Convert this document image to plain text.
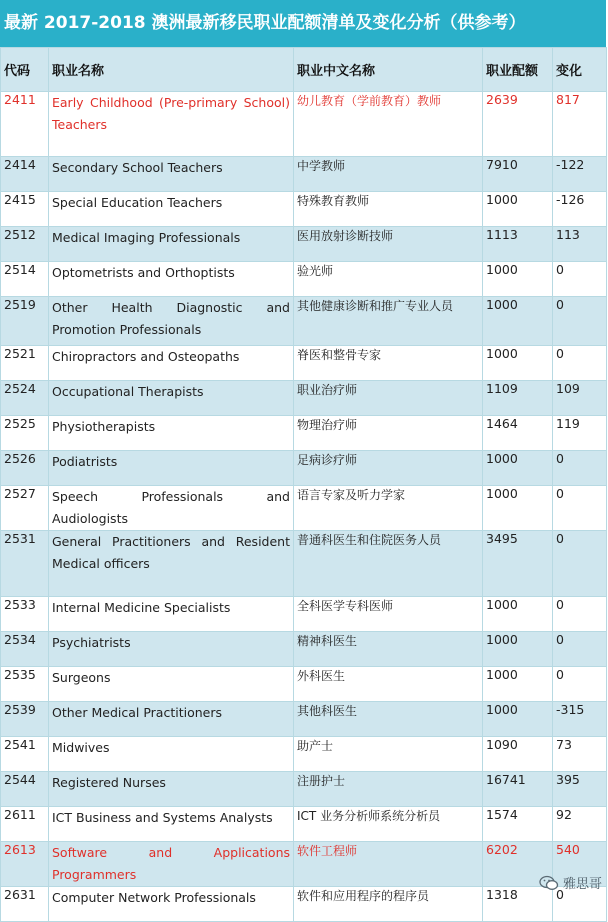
最新 2017-2018 澳洲最新移民职业配额清单及变化分析（供参考）
代码	职业名称	职业中文名称	职业配额	变化
2411	Early Childhood (Pre-primary School) Teachers	幼儿教育（学前教育）教师	2639	817
2414	Secondary School Teachers	中学教师	7910	-122
2415	Special Education Teachers	特殊教育教师	1000	-126
2512	Medical Imaging Professionals	医用放射诊断技师	1113	113
2514	Optometrists and Orthoptists	验光师	1000	0
2519	Other Health Diagnostic and Promotion Professionals	其他健康诊断和推广专业人员	1000	0
2521	Chiropractors and Osteopaths	脊医和整骨专家	1000	0
2524	Occupational Therapists	职业治疗师	1109	109
2525	Physiotherapists	物理治疗师	1464	119
2526	Podiatrists	足病诊疗师	1000	0
2527	Speech Professionals and Audiologists	语言专家及听力学家	1000	0
2531	General Practitioners and Resident Medical officers	普通科医生和住院医务人员	3495	0
2533	Internal Medicine Specialists	全科医学专科医师	1000	0
2534	Psychiatrists	精神科医生	1000	0
2535	Surgeons	外科医生	1000	0
2539	Other Medical Practitioners	其他科医生	1000	-315
2541	Midwives	助产士	1090	73
2544	Registered Nurses	注册护士	16741	395
2611	ICT Business and Systems Analysts	ICT 业务分析师系统分析员	1574	92
2613	Software and Applications Programmers	软件工程师	6202	540
2631	Computer Network Professionals	软件和应用程序的程序员	1318	0
雅思哥
